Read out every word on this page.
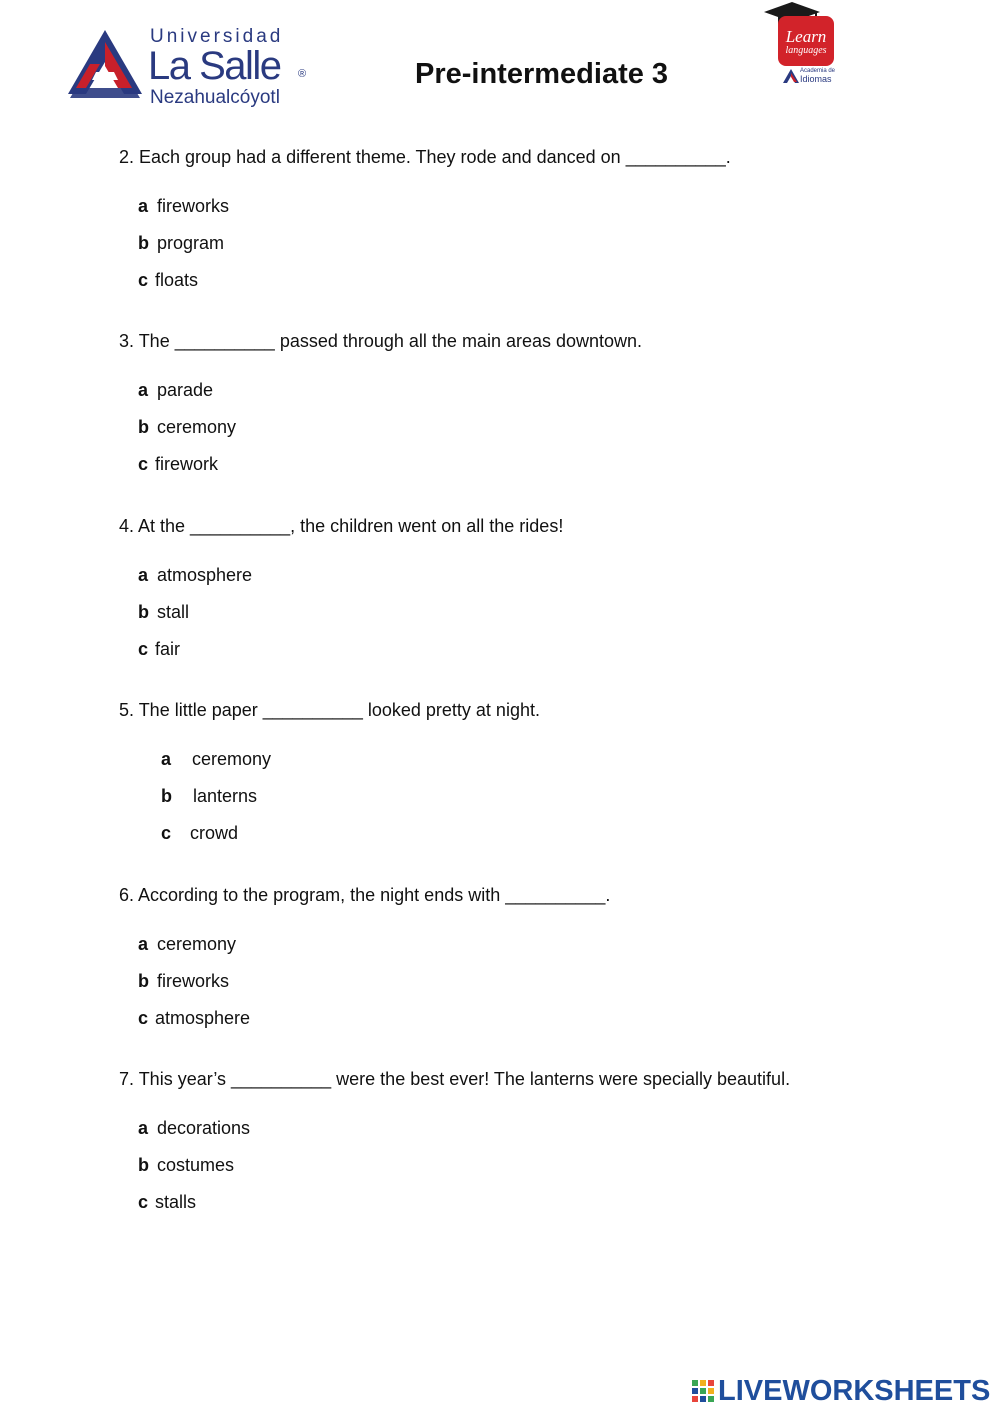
Universidad
La Salle ®
Nezahualcóyotl
Pre-intermediate 3
Learn
languages
Academia de
Idiomas
2. Each group had a different theme. They rode and danced on __________.
a fireworks
b program
c floats
3. The __________ passed through all the main areas downtown.
a parade
b ceremony
c firework
4. At the __________, the children went on all the rides!
a atmosphere
b stall
c fair
5. The little paper __________ looked pretty at night.
a ceremony
b lanterns
c crowd
6. According to the program, the night ends with __________.
a ceremony
b fireworks
c atmosphere
7. This year’s __________ were the best ever! The lanterns were specially beautiful.
a decorations
b costumes
c stalls
LIVEWORKSHEETS
